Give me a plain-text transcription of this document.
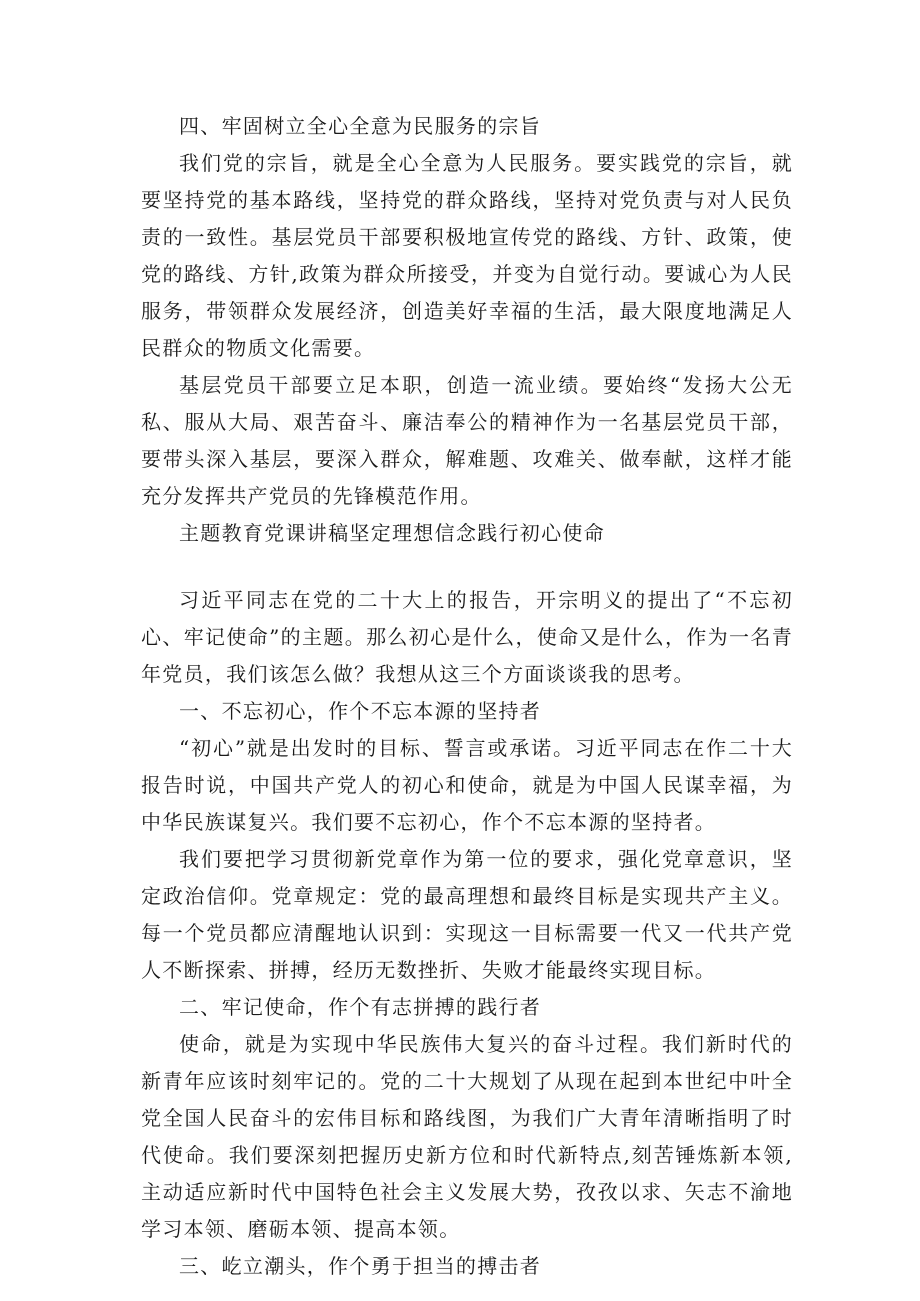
四、牢固树立全心全意为民服务的宗旨

我们党的宗旨，就是全心全意为人民服务。要实践党的宗旨，就要坚持党的基本路线，坚持党的群众路线，坚持对党负责与对人民负责的一致性。基层党员干部要积极地宣传党的路线、方针、政策，使党的路线、方针,政策为群众所接受，并变为自觉行动。要诚心为人民服务，带领群众发展经济，创造美好幸福的生活，最大限度地满足人民群众的物质文化需要。

基层党员干部要立足本职，创造一流业绩。要始终“发扬大公无私、服从大局、艰苦奋斗、廉洁奉公的精神作为一名基层党员干部，要带头深入基层，要深入群众，解难题、攻难关、做奉献，这样才能充分发挥共产党员的先锋模范作用。

主题教育党课讲稿坚定理想信念践行初心使命

习近平同志在党的二十大上的报告，开宗明义的提出了“不忘初心、牢记使命”的主题。那么初心是什么，使命又是什么，作为一名青年党员，我们该怎么做？我想从这三个方面谈谈我的思考。

一、不忘初心，作个不忘本源的坚持者

“初心”就是出发时的目标、誓言或承诺。习近平同志在作二十大报告时说，中国共产党人的初心和使命，就是为中国人民谋幸福，为中华民族谋复兴。我们要不忘初心，作个不忘本源的坚持者。

我们要把学习贯彻新党章作为第一位的要求，强化党章意识，坚定政治信仰。党章规定：党的最高理想和最终目标是实现共产主义。每一个党员都应清醒地认识到：实现这一目标需要一代又一代共产党人不断探索、拼搏，经历无数挫折、失败才能最终实现目标。

二、牢记使命，作个有志拼搏的践行者

使命，就是为实现中华民族伟大复兴的奋斗过程。我们新时代的新青年应该时刻牢记的。党的二十大规划了从现在起到本世纪中叶全党全国人民奋斗的宏伟目标和路线图，为我们广大青年清晰指明了时代使命。我们要深刻把握历史新方位和时代新特点,刻苦锤炼新本领,主动适应新时代中国特色社会主义发展大势，孜孜以求、矢志不渝地学习本领、磨砺本领、提高本领。

三、屹立潮头，作个勇于担当的搏击者
